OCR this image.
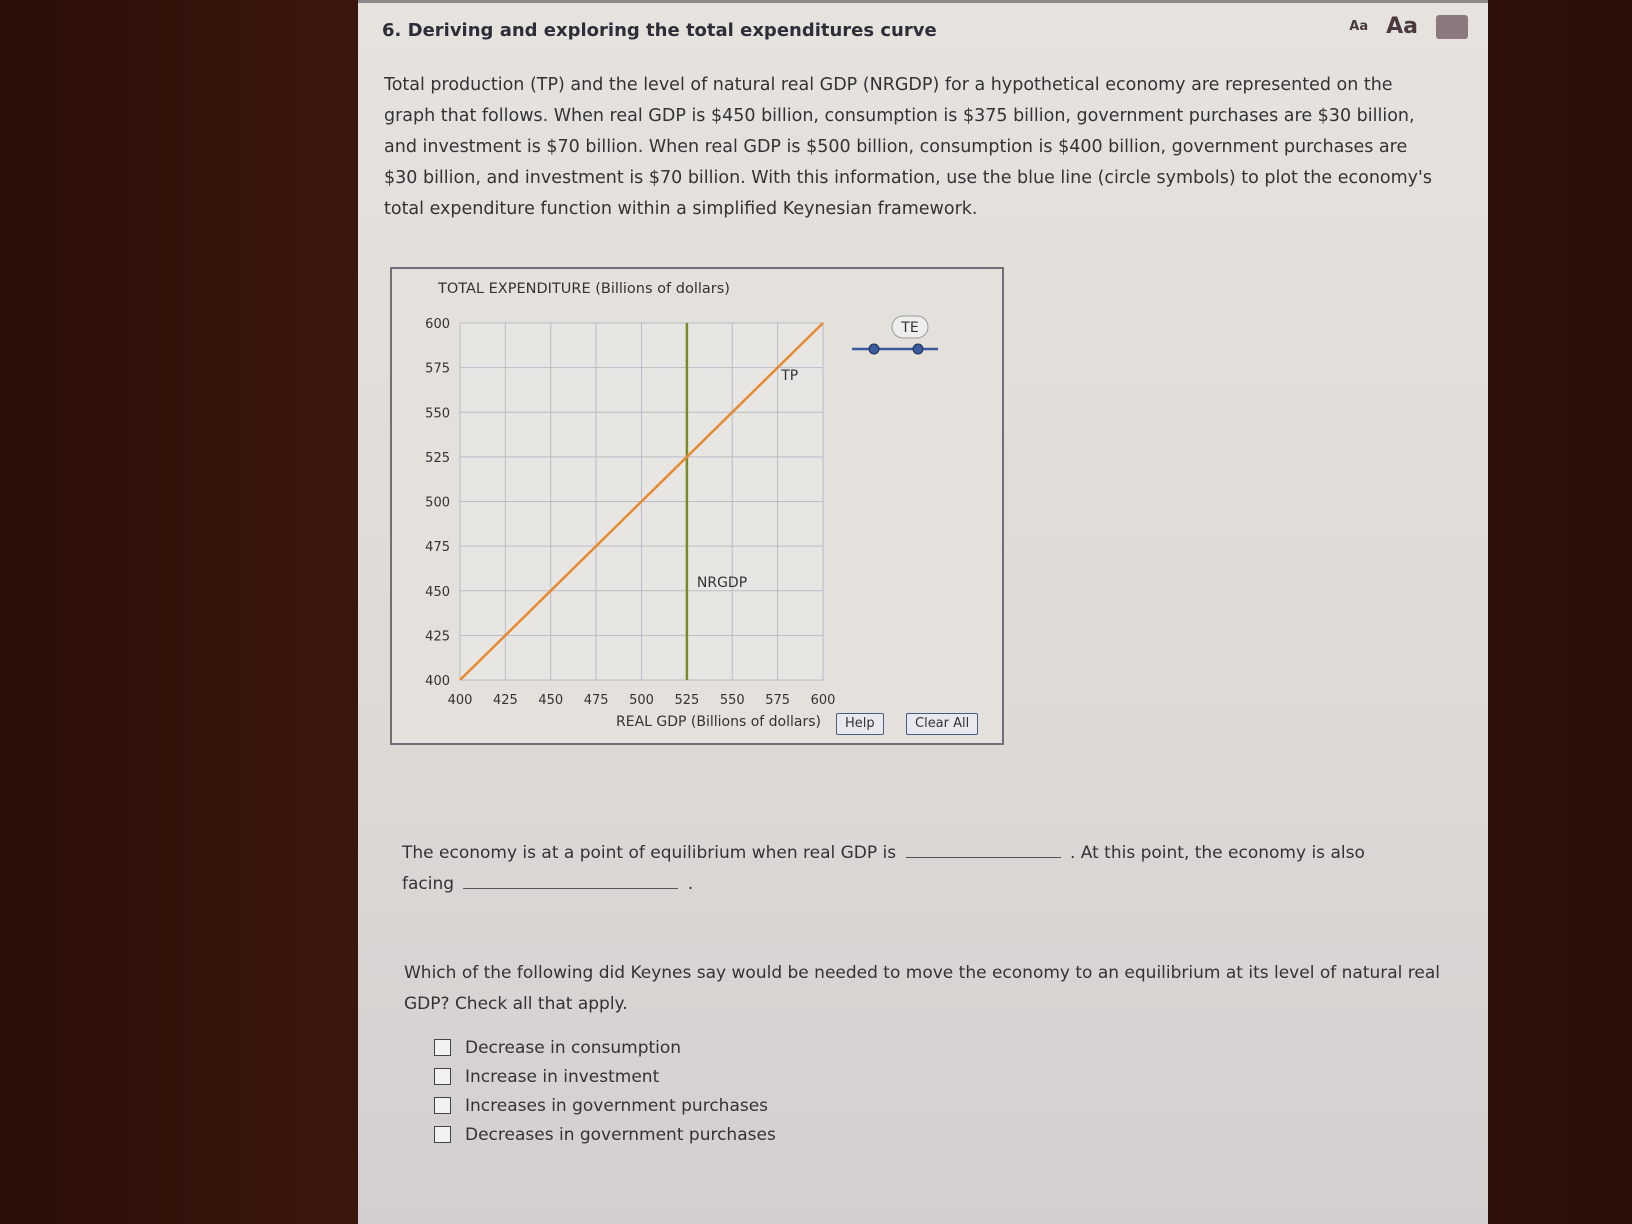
6. Deriving and exploring the total expenditures curve	Aa Aa
Total production (TP) and the level of natural real GDP (NRGDP) for a hypothetical economy are represented on the graph that follows. When real GDP is $450 billion, consumption is $375 billion, government purchases are $30 billion, and investment is $70 billion. When real GDP is $500 billion, consumption is $400 billion, government purchases are $30 billion, and investment is $70 billion. With this information, use the blue line (circle symbols) to plot the economy's total expenditure function within a simplified Keynesian framework.
TOTAL EXPENDITURE (Billions of dollars)
400 425 450 475 500 525 550 575 600
400
425
450
475
500
525
550
575
600
NRGDP
TP
TE
REAL GDP (Billions of dollars)	Help	Clear All
The economy is at a point of equilibrium when real GDP is	. At this point, the economy is also facing	.
Which of the following did Keynes say would be needed to move the economy to an equilibrium at its level of natural real GDP? Check all that apply.
Decrease in consumption
Increase in investment
Increases in government purchases
Decreases in government purchases
